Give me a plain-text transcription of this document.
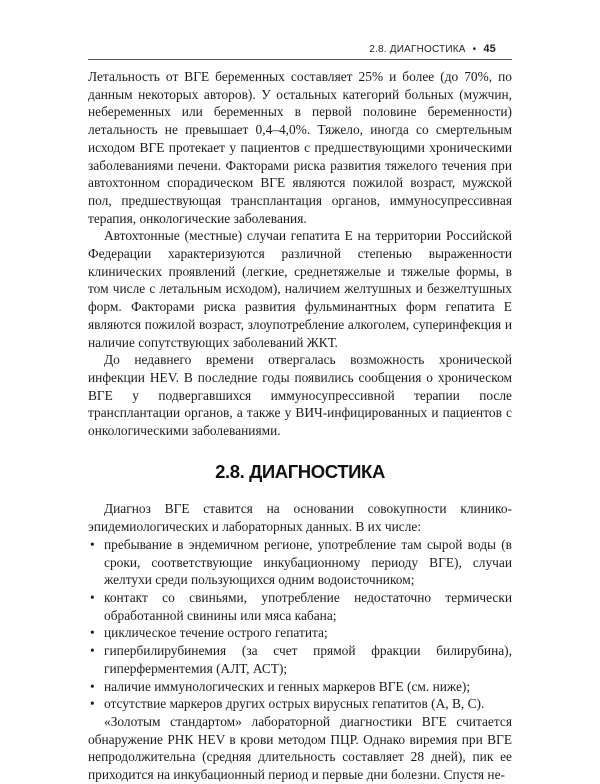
2.8. ДИАГНОСТИКА • 45

Летальность от ВГЕ беременных составляет 25% и более (до 70%, по данным некоторых авторов). У остальных категорий больных (мужчин, небеременных или беременных в первой половине беременности) летальность не превышает 0,4–4,0%. Тяжело, иногда со смертельным исходом ВГЕ протекает у пациентов с предшествующими хроническими заболеваниями печени. Факторами риска развития тяжелого течения при автохтонном спорадическом ВГЕ являются пожилой возраст, мужской пол, предшествующая трансплантация органов, иммуносупрессивная терапия, онкологические заболевания.

Автохтонные (местные) случаи гепатита Е на территории Российской Федерации характеризуются различной степенью выраженности клинических проявлений (легкие, среднетяжелые и тяжелые формы, в том числе с летальным исходом), наличием желтушных и безжелтушных форм. Факторами риска развития фульминантных форм гепатита Е являются пожилой возраст, злоупотребление алкоголем, суперинфекция и наличие сопутствующих заболеваний ЖКТ.

До недавнего времени отвергалась возможность хронической инфекции HEV. В последние годы появились сообщения о хроническом ВГЕ у подвергавшихся иммуносупрессивной терапии после трансплантации органов, а также у ВИЧ-инфицированных и пациентов с онкологическими заболеваниями.

2.8. ДИАГНОСТИКА

Диагноз ВГЕ ставится на основании совокупности клинико-эпидемиологических и лабораторных данных. В их числе:

• пребывание в эндемичном регионе, употребление там сырой воды (в сроки, соответствующие инкубационному периоду ВГЕ), случаи желтухи среди пользующихся одним водоисточником;
• контакт со свиньями, употребление недостаточно термически обработанной свинины или мяса кабана;
• циклическое течение острого гепатита;
• гипербилирубинемия (за счет прямой фракции билирубина), гиперферментемия (АЛТ, АСТ);
• наличие иммунологических и генных маркеров ВГЕ (см. ниже);
• отсутствие маркеров других острых вирусных гепатитов (А, В, С).

«Золотым стандартом» лабораторной диагностики ВГЕ считается обнаружение РНК HEV в крови методом ПЦР. Однако виремия при ВГЕ непродолжительна (средняя длительность составляет 28 дней), пик ее приходится на инкубационный период и первые дни болезни. Спустя не-
